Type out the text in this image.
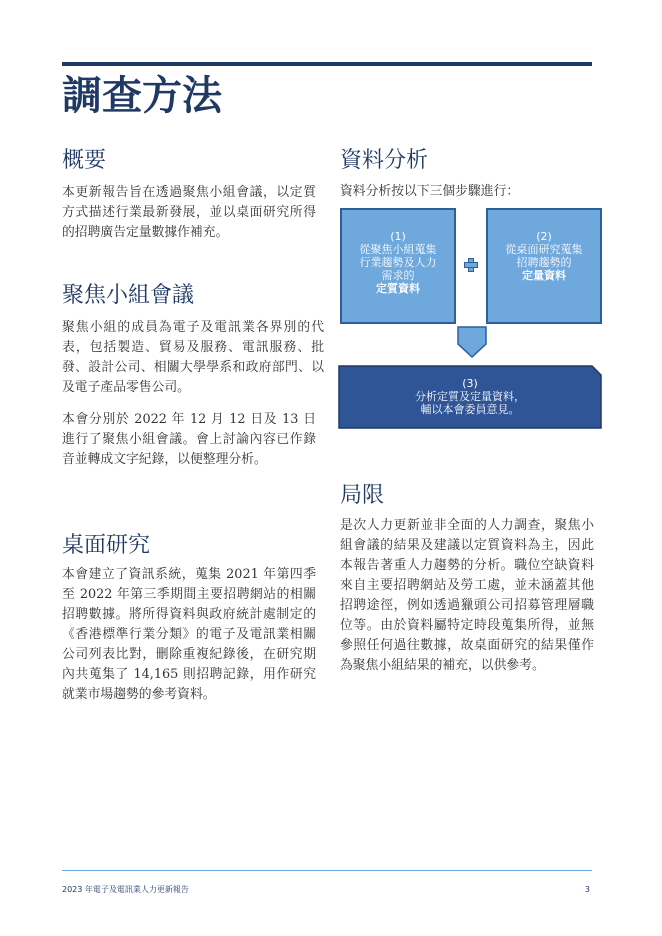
調查方法
概要

本更新報告旨在透過聚焦小組會議，以定質方式描述行業最新發展，並以桌面研究所得的招聘廣告定量數據作補充。

聚焦小組會議

聚焦小組的成員為電子及電訊業各界別的代表，包括製造、貿易及服務、電訊服務、批發、設計公司、相關大學學系和政府部門、以及電子產品零售公司。

本會分別於 2022 年 12 月 12 日及 13 日進行了聚焦小組會議。會上討論內容已作錄音並轉成文字紀錄，以便整理分析。

桌面研究

本會建立了資訊系統，蒐集 2021 年第四季至 2022 年第三季期間主要招聘網站的相關招聘數據。將所得資料與政府統計處制定的《香港標準行業分類》的電子及電訊業相關公司列表比對，刪除重複紀錄後，在研究期內共蒐集了 14,165 則招聘記錄，用作研究就業市場趨勢的參考資料。

資料分析

資料分析按以下三個步驟進行：

(1)
從聚焦小組蒐集行業趨勢及人力需求的
定質資料
(2)
從桌面研究蒐集招聘趨勢的
定量資料
(3)
分析定質及定量資料，
輔以本會委員意見。
局限

是次人力更新並非全面的人力調查，聚焦小組會議的結果及建議以定質資料為主，因此本報告著重人力趨勢的分析。職位空缺資料來自主要招聘網站及勞工處，並未涵蓋其他招聘途徑，例如透過獵頭公司招募管理層職位等。由於資料屬特定時段蒐集所得，並無參照任何過往數據，故桌面研究的結果僅作為聚焦小組結果的補充，以供參考。

2023 年電子及電訊業人力更新報告	3
